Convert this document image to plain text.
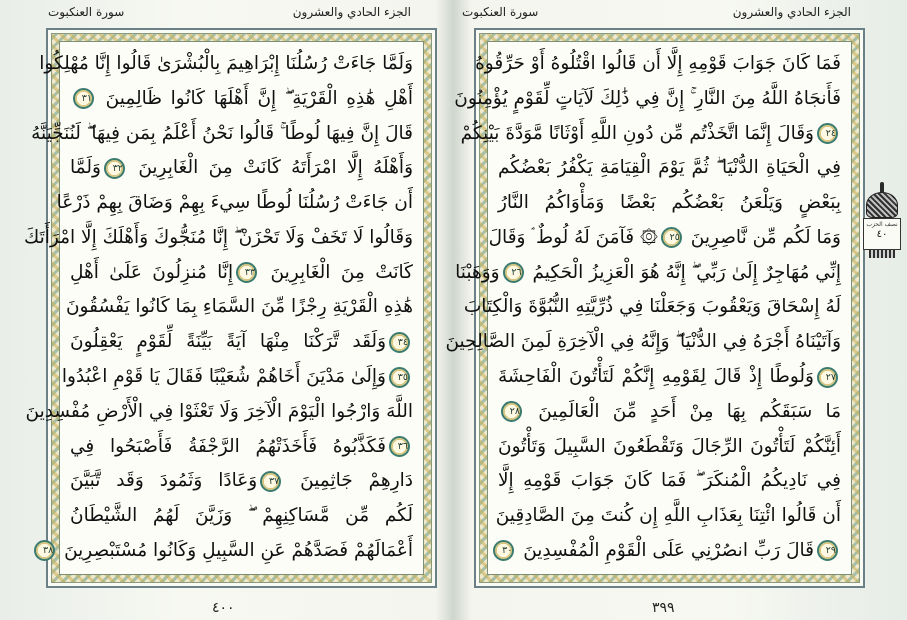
سورة العنكبوت	الجزء الحادي والعشرون
وَلَمَّا جَاءَتْ رُسُلُنَا إِبْرَاهِيمَ بِالْبُشْرَىٰ قَالُوا إِنَّا مُهْلِكُوا
أَهْلِ هَٰذِهِ الْقَرْيَةِ ۖ إِنَّ أَهْلَهَا كَانُوا ظَالِمِينَ ٣١
قَالَ إِنَّ فِيهَا لُوطًا ۚ قَالُوا نَحْنُ أَعْلَمُ بِمَن فِيهَا ۖ لَنُنَجِّيَنَّهُ
وَأَهْلَهُ إِلَّا امْرَأَتَهُ كَانَتْ مِنَ الْغَابِرِينَ ٣٢وَلَمَّا
أَن جَاءَتْ رُسُلُنَا لُوطًا سِيءَ بِهِمْ وَضَاقَ بِهِمْ ذَرْعًا
وَقَالُوا لَا تَخَفْ وَلَا تَحْزَنْ ۖ إِنَّا مُنَجُّوكَ وَأَهْلَكَ إِلَّا امْرَأَتَكَ
كَانَتْ مِنَ الْغَابِرِينَ ٣٣إِنَّا مُنزِلُونَ عَلَىٰ أَهْلِ
هَٰذِهِ الْقَرْيَةِ رِجْزًا مِّنَ السَّمَاءِ بِمَا كَانُوا يَفْسُقُونَ
٣٤وَلَقَد تَّرَكْنَا مِنْهَا آيَةً بَيِّنَةً لِّقَوْمٍ يَعْقِلُونَ
٣٥وَإِلَىٰ مَدْيَنَ أَخَاهُمْ شُعَيْبًا فَقَالَ يَا قَوْمِ اعْبُدُوا
اللَّهَ وَارْجُوا الْيَوْمَ الْآخِرَ وَلَا تَعْثَوْا فِي الْأَرْضِ مُفْسِدِينَ
٣٦فَكَذَّبُوهُ فَأَخَذَتْهُمُ الرَّجْفَةُ فَأَصْبَحُوا فِي
دَارِهِمْ جَاثِمِينَ ٣٧وَعَادًا وَثَمُودَ وَقَد تَّبَيَّنَ
لَكُم مِّن مَّسَاكِنِهِمْ ۖ وَزَيَّنَ لَهُمُ الشَّيْطَانُ
أَعْمَالَهُمْ فَصَدَّهُمْ عَنِ السَّبِيلِ وَكَانُوا مُسْتَبْصِرِينَ ٣٨
٤٠٠
سورة العنكبوت	الجزء الحادي والعشرون
فَمَا كَانَ جَوَابَ قَوْمِهِ إِلَّا أَن قَالُوا اقْتُلُوهُ أَوْ حَرِّقُوهُ
فَأَنجَاهُ اللَّهُ مِنَ النَّارِ ۚ إِنَّ فِي ذَٰلِكَ لَآيَاتٍ لِّقَوْمٍ يُؤْمِنُونَ
٢٤وَقَالَ إِنَّمَا اتَّخَذْتُم مِّن دُونِ اللَّهِ أَوْثَانًا مَّوَدَّةَ بَيْنِكُمْ
فِي الْحَيَاةِ الدُّنْيَا ۖ ثُمَّ يَوْمَ الْقِيَامَةِ يَكْفُرُ بَعْضُكُم
بِبَعْضٍ وَيَلْعَنُ بَعْضُكُم بَعْضًا وَمَأْوَاكُمُ النَّارُ
وَمَا لَكُم مِّن نَّاصِرِينَ ٢٥۞ فَآمَنَ لَهُ لُوطٌ ۘ وَقَالَ
إِنِّي مُهَاجِرٌ إِلَىٰ رَبِّي ۖ إِنَّهُ هُوَ الْعَزِيزُ الْحَكِيمُ ٢٦وَوَهَبْنَا
لَهُ إِسْحَاقَ وَيَعْقُوبَ وَجَعَلْنَا فِي ذُرِّيَّتِهِ النُّبُوَّةَ وَالْكِتَابَ
وَآتَيْنَاهُ أَجْرَهُ فِي الدُّنْيَا ۖ وَإِنَّهُ فِي الْآخِرَةِ لَمِنَ الصَّالِحِينَ
٢٧وَلُوطًا إِذْ قَالَ لِقَوْمِهِ إِنَّكُمْ لَتَأْتُونَ الْفَاحِشَةَ
مَا سَبَقَكُم بِهَا مِنْ أَحَدٍ مِّنَ الْعَالَمِينَ ٢٨
أَئِنَّكُمْ لَتَأْتُونَ الرِّجَالَ وَتَقْطَعُونَ السَّبِيلَ وَتَأْتُونَ
فِي نَادِيكُمُ الْمُنكَرَ ۖ فَمَا كَانَ جَوَابَ قَوْمِهِ إِلَّا
أَن قَالُوا ائْتِنَا بِعَذَابِ اللَّهِ إِن كُنتَ مِنَ الصَّادِقِينَ
٢٩قَالَ رَبِّ انصُرْنِي عَلَى الْقَوْمِ الْمُفْسِدِينَ ٣٠
٣٩٩
نصف الحزب
٤٠
